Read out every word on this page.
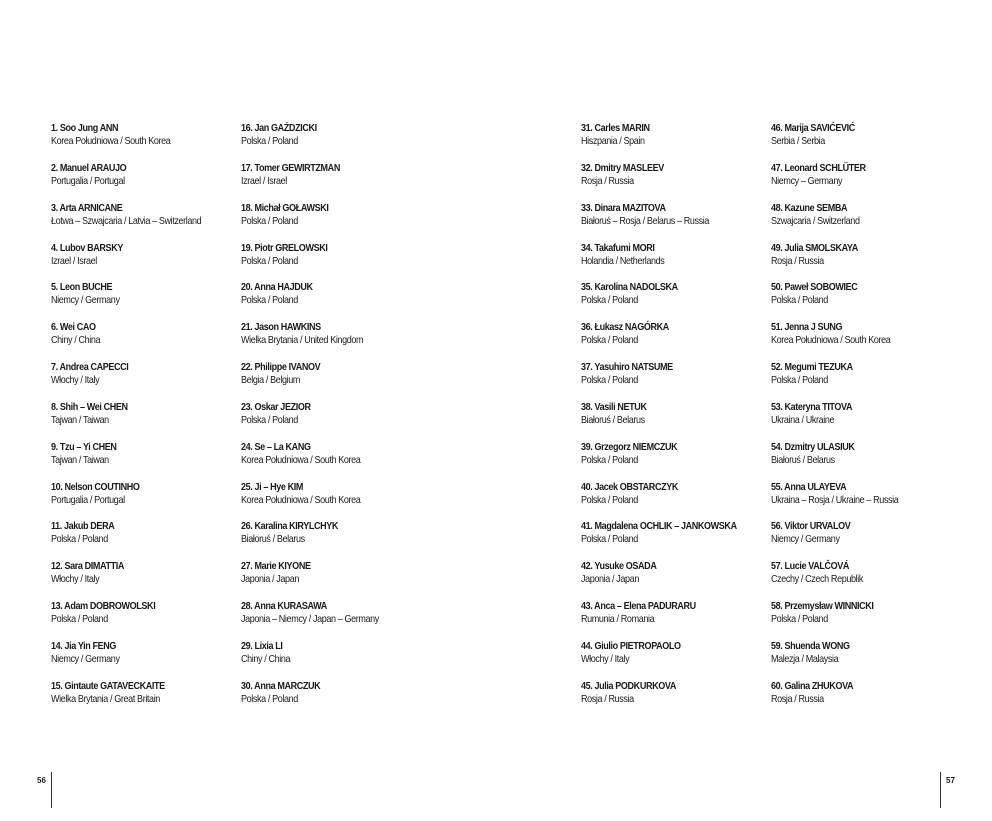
1. Soo Jung ANN
Korea Południowa / South Korea
2. Manuel ARAUJO
Portugalia / Portugal
3. Arta ARNICANE
Łotwa – Szwajcaria / Latvia – Switzerland
4. Lubov BARSKY
Izrael / Israel
5. Leon BUCHE
Niemcy / Germany
6. Wei CAO
Chiny / China
7. Andrea CAPECCI
Włochy / Italy
8. Shih – Wei CHEN
Tajwan / Taiwan
9. Tzu – Yi CHEN
Tajwan / Taiwan
10. Nelson COUTINHO
Portugalia / Portugal
11. Jakub DERA
Polska / Poland
12. Sara DIMATTIA
Włochy / Italy
13. Adam DOBROWOLSKI
Polska / Poland
14. Jia Yin FENG
Niemcy / Germany
15. Gintaute GATAVECKAITE
Wielka Brytania / Great Britain
16. Jan GAŹDZICKI
Polska / Poland
17. Tomer GEWIRTZMAN
Izrael / Israel
18. Michał GOŁAWSKI
Polska / Poland
19. Piotr GRELOWSKI
Polska / Poland
20. Anna HAJDUK
Polska / Poland
21. Jason HAWKINS
Wielka Brytania / United Kingdom
22. Philippe IVANOV
Belgia / Belgium
23. Oskar JEZIOR
Polska / Poland
24. Se – La KANG
Korea Południowa / South Korea
25. Ji – Hye KIM
Korea Południowa / South Korea
26. Karalina KIRYLCHYK
Białoruś / Belarus
27. Marie KIYONE
Japonia / Japan
28. Anna KURASAWA
Japonia – Niemcy / Japan – Germany
29. Lixia LI
Chiny / China
30. Anna MARCZUK
Polska / Poland
31. Carles MARIN
Hiszpania / Spain
32. Dmitry MASLEEV
Rosja / Russia
33. Dinara MAZITOVA
Białoruś – Rosja / Belarus – Russia
34. Takafumi MORI
Holandia / Netherlands
35. Karolina NADOLSKA
Polska / Poland
36. Łukasz NAGÓRKA
Polska / Poland
37. Yasuhiro NATSUME
Polska / Poland
38. Vasili NETUK
Białoruś / Belarus
39. Grzegorz NIEMCZUK
Polska / Poland
40. Jacek OBSTARCZYK
Polska / Poland
41. Magdalena OCHLIK – JANKOWSKA
Polska / Poland
42. Yusuke OSADA
Japonia / Japan
43. Anca – Elena PADURARU
Rumunia / Romania
44. Giulio PIETROPAOLO
Włochy / Italy
45. Julia PODKURKOVA
Rosja / Russia
46. Marija SAVIĆEVIĆ
Serbia / Serbia
47. Leonard SCHLÜTER
Niemcy – Germany
48. Kazune SEMBA
Szwajcaria / Switzerland
49. Julia SMOLSKAYA
Rosja / Russia
50. Paweł SOBOWIEC
Polska / Poland
51. Jenna J SUNG
Korea Południowa / South Korea
52. Megumi TEZUKA
Polska / Poland
53. Kateryna TITOVA
Ukraina / Ukraine
54. Dzmitry ULASIUK
Białoruś / Belarus
55. Anna ULAYEVA
Ukraina – Rosja / Ukraine – Russia
56. Viktor URVALOV
Niemcy / Germany
57. Lucie VALČOVÁ
Czechy / Czech Republik
58. Przemysław WINNICKI
Polska / Poland
59. Shuenda WONG
Malezja / Malaysia
60. Galina ZHUKOVA
Rosja / Russia
56	57
